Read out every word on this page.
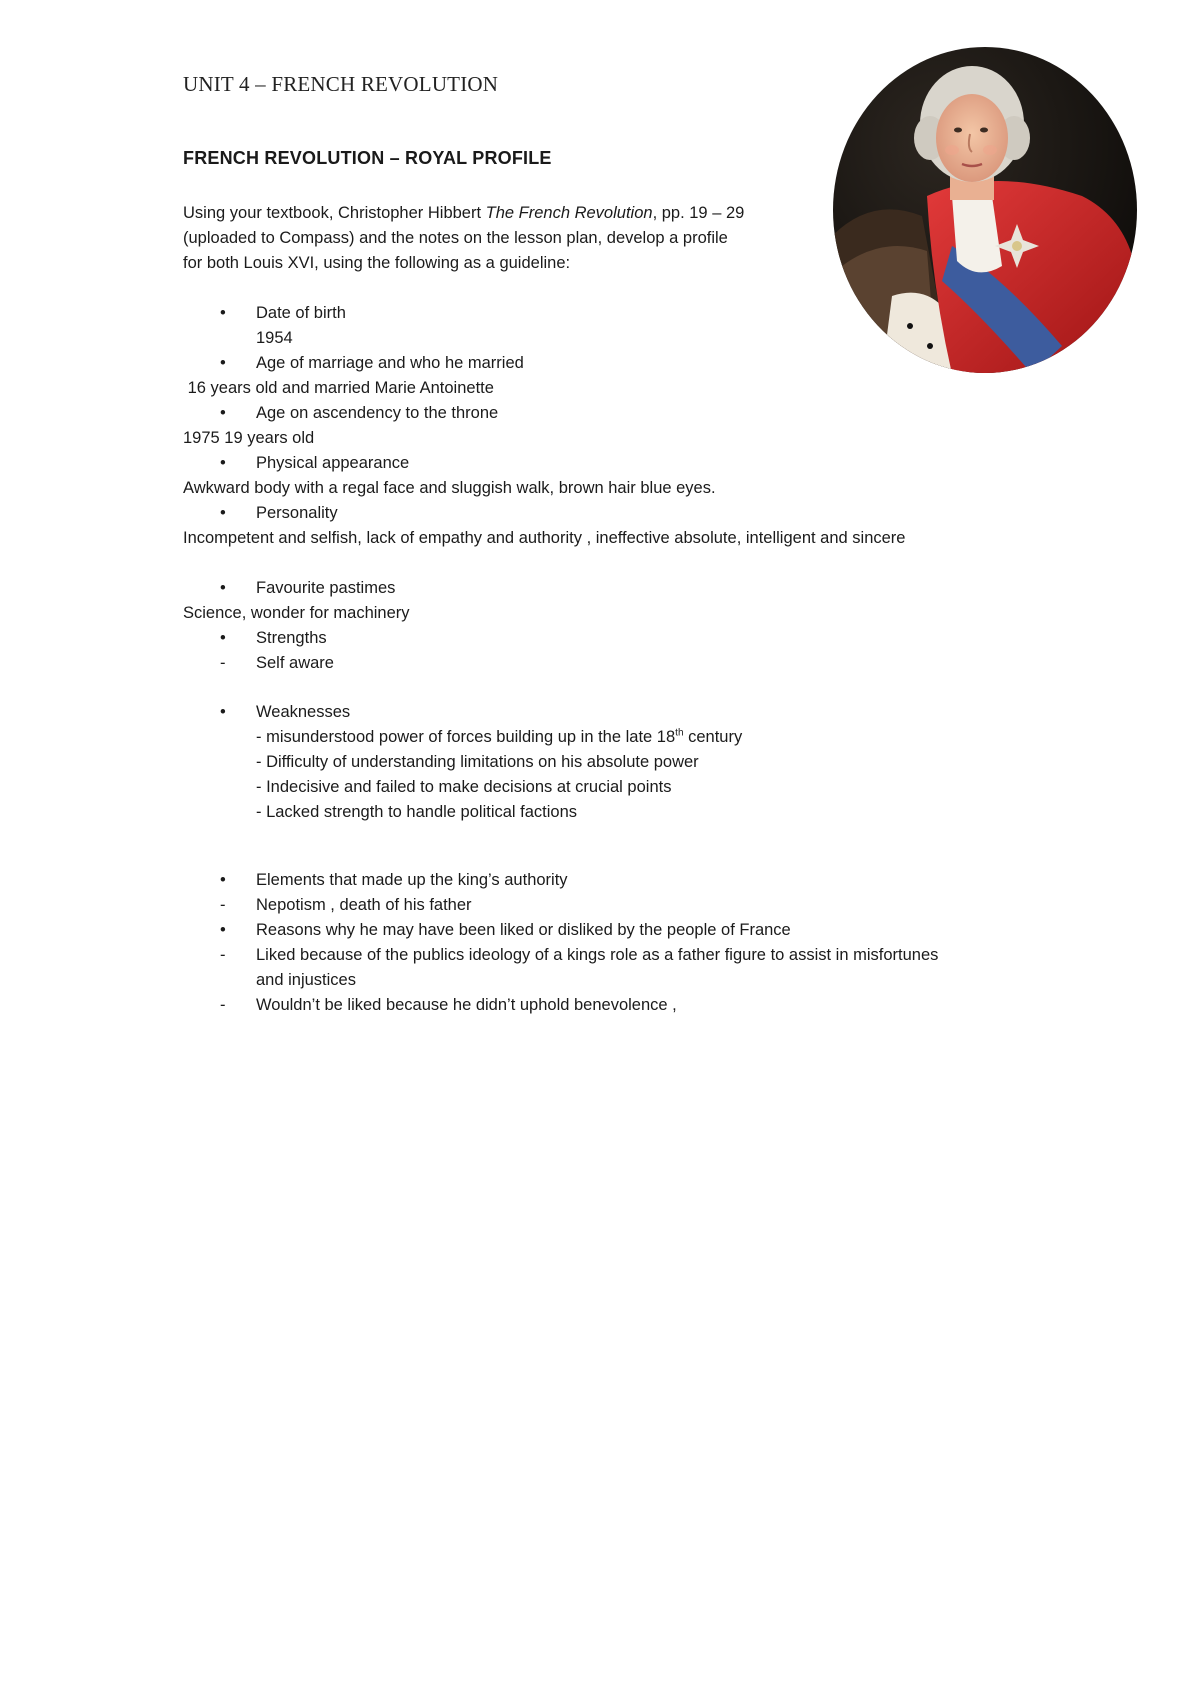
UNIT 4 – FRENCH REVOLUTION
FRENCH REVOLUTION – ROYAL PROFILE
Using your textbook, Christopher Hibbert The French Revolution, pp. 19 – 29
(uploaded to Compass) and the notes on the lesson plan, develop a profile
for both Louis XVI, using the following as a guideline:
• Date of birth
1954
• Age of marriage and who he married
16 years old and married Marie Antoinette
• Age on ascendency to the throne
1975 19 years old
• Physical appearance
Awkward body with a regal face and sluggish walk, brown hair blue eyes.
• Personality
Incompetent and selfish, lack of empathy and authority , ineffective absolute, intelligent and sincere
• Favourite pastimes
Science, wonder for machinery
• Strengths
- Self aware
• Weaknesses
- misunderstood power of forces building up in the late 18th century
- Difficulty of understanding limitations on his absolute power
- Indecisive and failed to make decisions at crucial points
- Lacked strength to handle political factions
• Elements that made up the king’s authority
- Nepotism , death of his father
• Reasons why he may have been liked or disliked by the people of France
- Liked because of the publics ideology of a kings role as a father figure to assist in misfortunes
and injustices
- Wouldn’t be liked because he didn’t uphold benevolence ,
